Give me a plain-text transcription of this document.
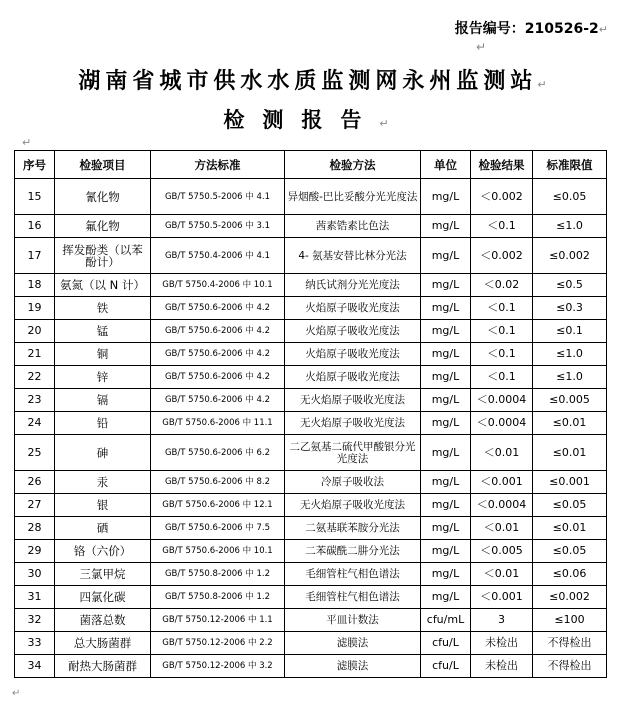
报告编号：210526-2↵
↵
湖南省城市供水水质监测网永州监测站↵
检测报告↵
↵
序号	检验项目	方法标准	检验方法	单位	检验结果	标准限值
15	氰化物	GB/T 5750.5-2006 中 4.1	异烟酸-巴比妥酸分光光度法	mg/L	＜0.002	≤0.05
16	氟化物	GB/T 5750.5-2006 中 3.1	茜素锆素比色法	mg/L	＜0.1	≤1.0
17	挥发酚类（以苯酚计）	GB/T 5750.4-2006 中 4.1	4- 氨基安替比林分光法	mg/L	＜0.002	≤0.002
18	氨氮（以 N 计）	GB/T 5750.4-2006 中 10.1	纳氏试剂分光光度法	mg/L	＜0.02	≤0.5
19	铁	GB/T 5750.6-2006 中 4.2	火焰原子吸收光度法	mg/L	＜0.1	≤0.3
20	锰	GB/T 5750.6-2006 中 4.2	火焰原子吸收光度法	mg/L	＜0.1	≤0.1
21	铜	GB/T 5750.6-2006 中 4.2	火焰原子吸收光度法	mg/L	＜0.1	≤1.0
22	锌	GB/T 5750.6-2006 中 4.2	火焰原子吸收光度法	mg/L	＜0.1	≤1.0
23	镉	GB/T 5750.6-2006 中 4.2	无火焰原子吸收光度法	mg/L	＜0.0004	≤0.005
24	铅	GB/T 5750.6-2006 中 11.1	无火焰原子吸收光度法	mg/L	＜0.0004	≤0.01
25	砷	GB/T 5750.6-2006 中 6.2	二乙氨基二硫代甲酸银分光光度法	mg/L	＜0.01	≤0.01
26	汞	GB/T 5750.6-2006 中 8.2	冷原子吸收法	mg/L	＜0.001	≤0.001
27	银	GB/T 5750.6-2006 中 12.1	无火焰原子吸收光度法	mg/L	＜0.0004	≤0.05
28	硒	GB/T 5750.6-2006 中 7.5	二氨基联苯胺分光法	mg/L	＜0.01	≤0.01
29	铬（六价）	GB/T 5750.6-2006 中 10.1	二苯碳酰二肼分光法	mg/L	＜0.005	≤0.05
30	三氯甲烷	GB/T 5750.8-2006 中 1.2	毛细管柱气相色谱法	mg/L	＜0.01	≤0.06
31	四氯化碳	GB/T 5750.8-2006 中 1.2	毛细管柱气相色谱法	mg/L	＜0.001	≤0.002
32	菌落总数	GB/T 5750.12-2006 中 1.1	平皿计数法	cfu/mL	3	≤100
33	总大肠菌群	GB/T 5750.12-2006 中 2.2	滤膜法	cfu/L	未检出	不得检出
34	耐热大肠菌群	GB/T 5750.12-2006 中 3.2	滤膜法	cfu/L	未检出	不得检出
↵
